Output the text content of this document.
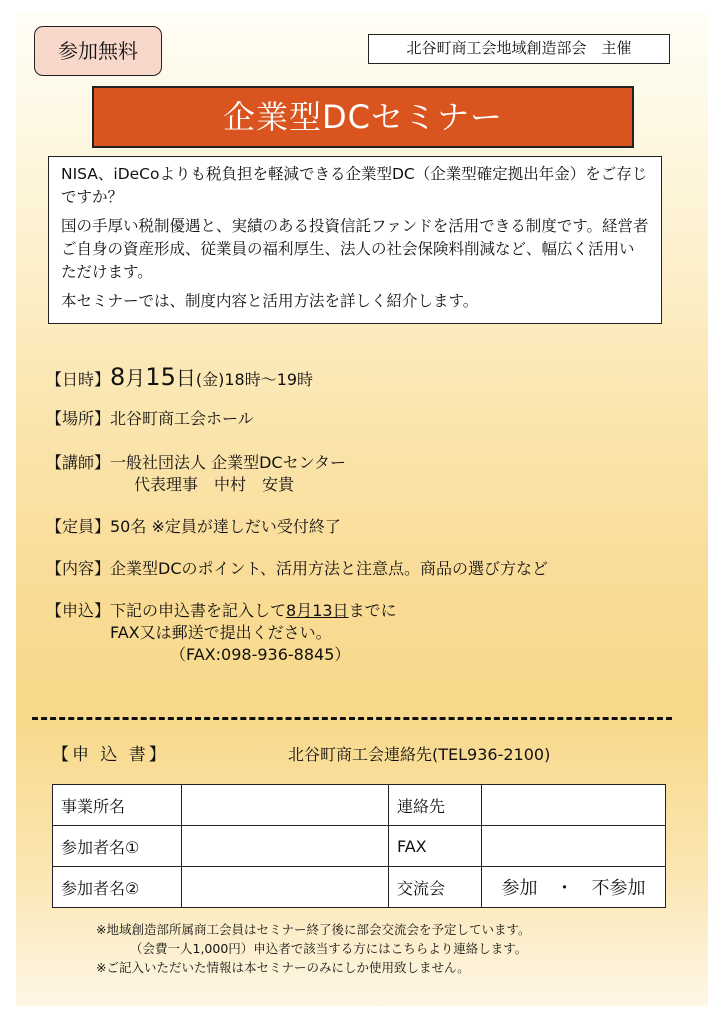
参加無料	北谷町商工会地域創造部会　主催
企業型DCセミナー

NISA、iDeCoよりも税負担を軽減できる企業型DC（企業型確定拠出年金）をご存じですか？

国の手厚い税制優遇と、実績のある投資信託ファンドを活用できる制度です。経営者ご自身の資産形成、従業員の福利厚生、法人の社会保険料削減など、幅広く活用いただけます。

本セミナーでは、制度内容と活用方法を詳しく紹介します。

【日時】8月15日(金)18時～19時
【場所】北谷町商工会ホール
【講師】一般社団法人 企業型DCセンター
代表理事　中村　安貴
【定員】50名 ※定員が達しだい受付終了
【内容】企業型DCのポイント、活用方法と注意点。商品の選び方など
【申込】下記の申込書を記入して8月13日までに
FAX又は郵送で提出ください。
（FAX:098-936-8845）
【申 込 書】	北谷町商工会連絡先(TEL936-2100)
事業所名		連絡先	
参加者名①		FAX	
参加者名②		交流会	参加　・　不参加
※地域創造部所属商工会員はセミナー終了後に部会交流会を予定しています。
（会費一人1,000円）申込者で該当する方にはこちらより連絡します。
※ご記入いただいた情報は本セミナーのみにしか使用致しません。
